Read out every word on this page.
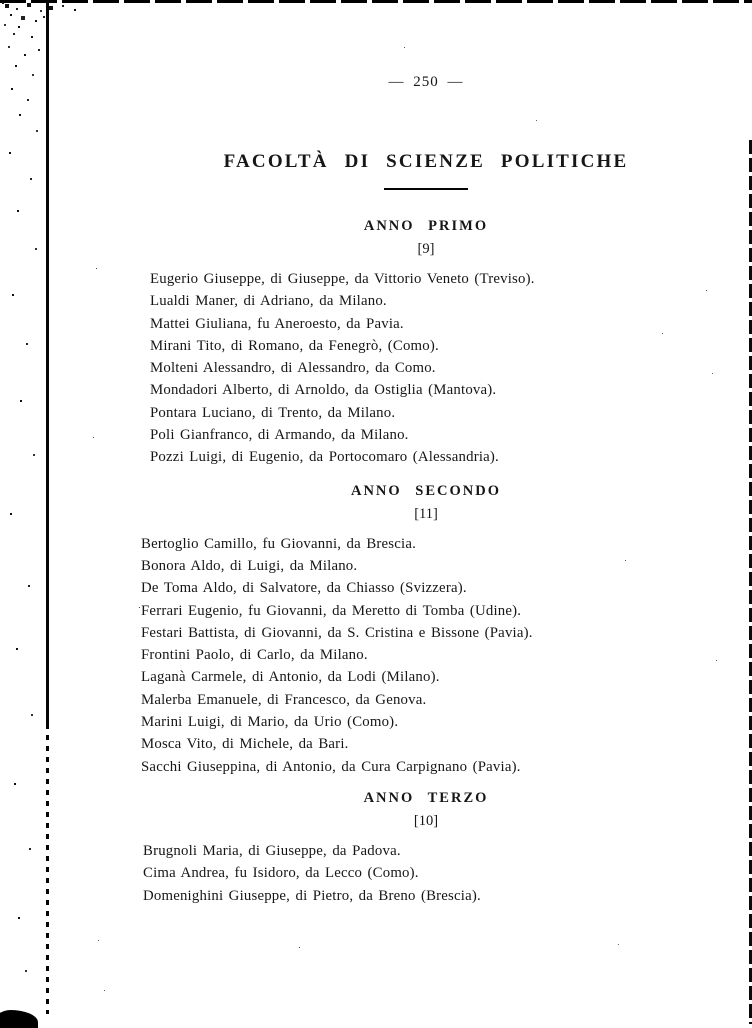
— 250 —
FACOLTÀ DI SCIENZE POLITICHE
ANNO PRIMO
[9]
Eugerio Giuseppe, di Giuseppe, da Vittorio Veneto (Treviso).
Lualdi Maner, di Adriano, da Milano.
Mattei Giuliana, fu Aneroesto, da Pavia.
Mirani Tito, di Romano, da Fenegrò, (Como).
Molteni Alessandro, di Alessandro, da Como.
Mondadori Alberto, di Arnoldo, da Ostiglia (Mantova).
Pontara Luciano, di Trento, da Milano.
Poli Gianfranco, di Armando, da Milano.
Pozzi Luigi, di Eugenio, da Portocomaro (Alessandria).
ANNO SECONDO
[11]
Bertoglio Camillo, fu Giovanni, da Brescia.
Bonora Aldo, di Luigi, da Milano.
De Toma Aldo, di Salvatore, da Chiasso (Svizzera).
Ferrari Eugenio, fu Giovanni, da Meretto di Tomba (Udine).
Festari Battista, di Giovanni, da S. Cristina e Bissone (Pavia).
Frontini Paolo, di Carlo, da Milano.
Laganà Carmele, di Antonio, da Lodi (Milano).
Malerba Emanuele, di Francesco, da Genova.
Marini Luigi, di Mario, da Urio (Como).
Mosca Vito, di Michele, da Bari.
Sacchi Giuseppina, di Antonio, da Cura Carpignano (Pavia).
ANNO TERZO
[10]
Brugnoli Maria, di Giuseppe, da Padova.
Cima Andrea, fu Isidoro, da Lecco (Como).
Domenighini Giuseppe, di Pietro, da Breno (Brescia).
